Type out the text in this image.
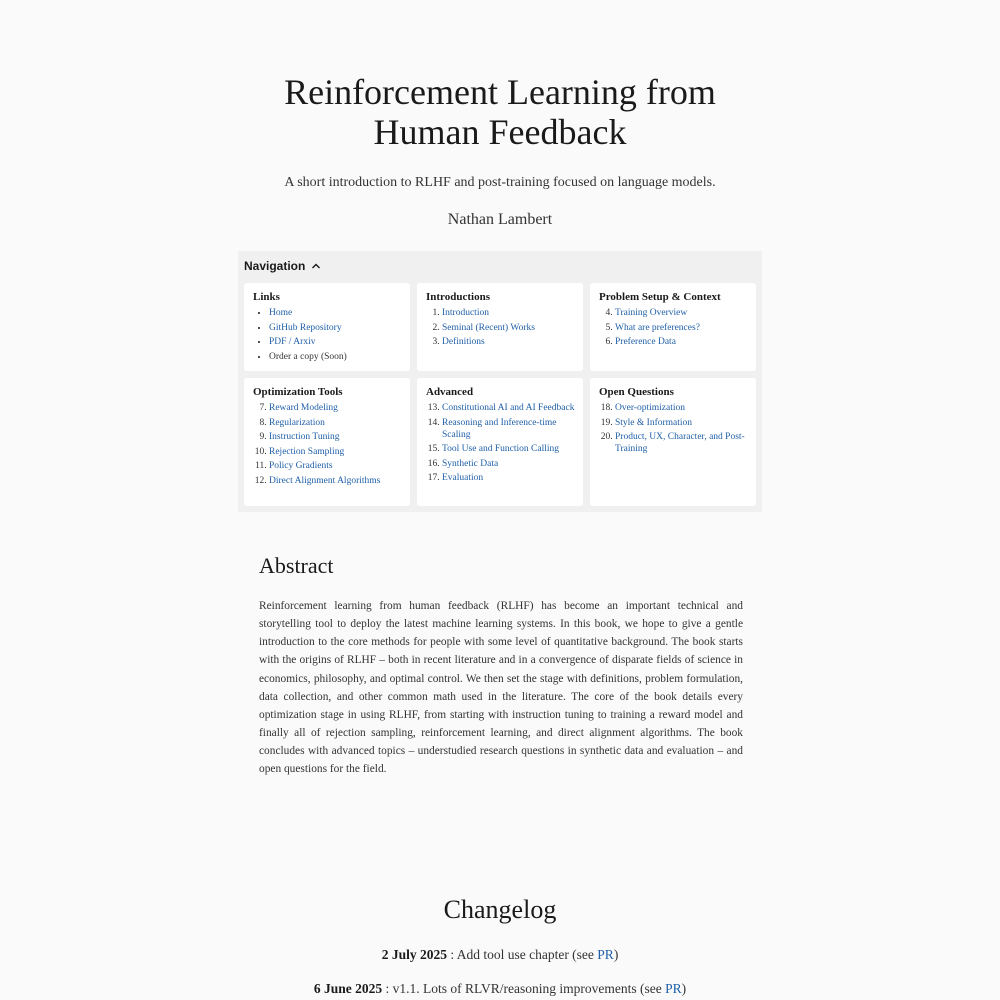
Reinforcement Learning from
Human Feedback
A short introduction to RLHF and post-training focused on language models.
Nathan Lambert
Navigation
Links
• Home
• GitHub Repository
• PDF / Arxiv
• Order a copy (Soon)
Introductions
1. Introduction
2. Seminal (Recent) Works
3. Definitions
Problem Setup & Context
4. Training Overview
5. What are preferences?
6. Preference Data
Optimization Tools
7. Reward Modeling
8. Regularization
9. Instruction Tuning
10. Rejection Sampling
11. Policy Gradients
12. Direct Alignment Algorithms
Advanced
13. Constitutional AI and AI Feedback
14. Reasoning and Inference-time Scaling
15. Tool Use and Function Calling
16. Synthetic Data
17. Evaluation
Open Questions
18. Over-optimization
19. Style & Information
20. Product, UX, Character, and Post-Training
Abstract

Reinforcement learning from human feedback (RLHF) has become an important technical and storytelling tool to deploy the latest machine learning systems. In this book, we hope to give a gentle introduction to the core methods for people with some level of quantitative background. The book starts with the origins of RLHF – both in recent literature and in a convergence of disparate fields of science in economics, philosophy, and optimal control. We then set the stage with definitions, problem formulation, data collection, and other common math used in the literature. The core of the book details every optimization stage in using RLHF, from starting with instruction tuning to training a reward model and finally all of rejection sampling, reinforcement learning, and direct alignment algorithms. The book concludes with advanced topics – understudied research questions in synthetic data and evaluation – and open questions for the field.

Changelog
2 July 2025 : Add tool use chapter (see PR)
6 June 2025 : v1.1. Lots of RLVR/reasoning improvements (see PR)
